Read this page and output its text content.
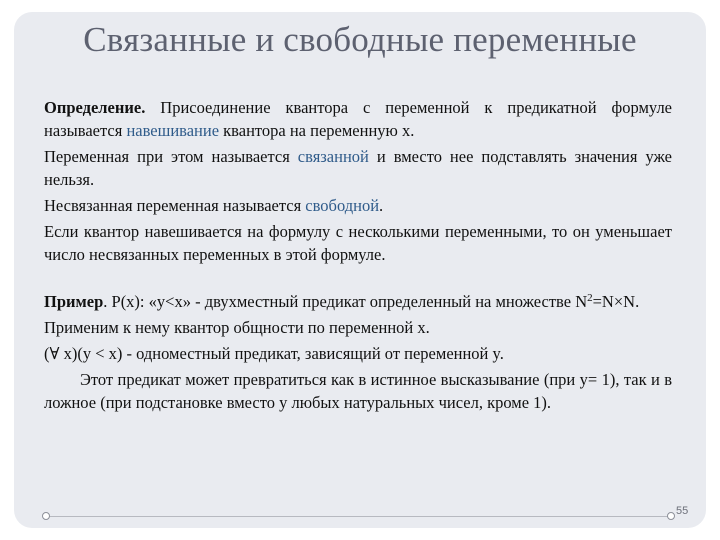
Связанные и свободные переменные

Определение. Присоединение квантора с переменной к предикатной формуле называется навешивание квантора на переменную x.

Переменная при этом называется связанной и вместо нее подставлять значения уже нельзя.

Несвязанная переменная называется свободной.

Если квантор навешивается на формулу с несколькими переменными, то он уменьшает число несвязанных переменных в этой формуле.

Пример. P(x): «y<x» - двухместный предикат определенный на множестве $N^2=N\times N$.

Применим к нему квантор общности по переменной x.

(∀ x)(y < x) - одноместный предикат, зависящий от переменной y.

Этот предикат может превратиться как в истинное высказывание (при y= 1), так и в ложное (при подстановке вместо y любых натуральных чисел, кроме 1).

55
